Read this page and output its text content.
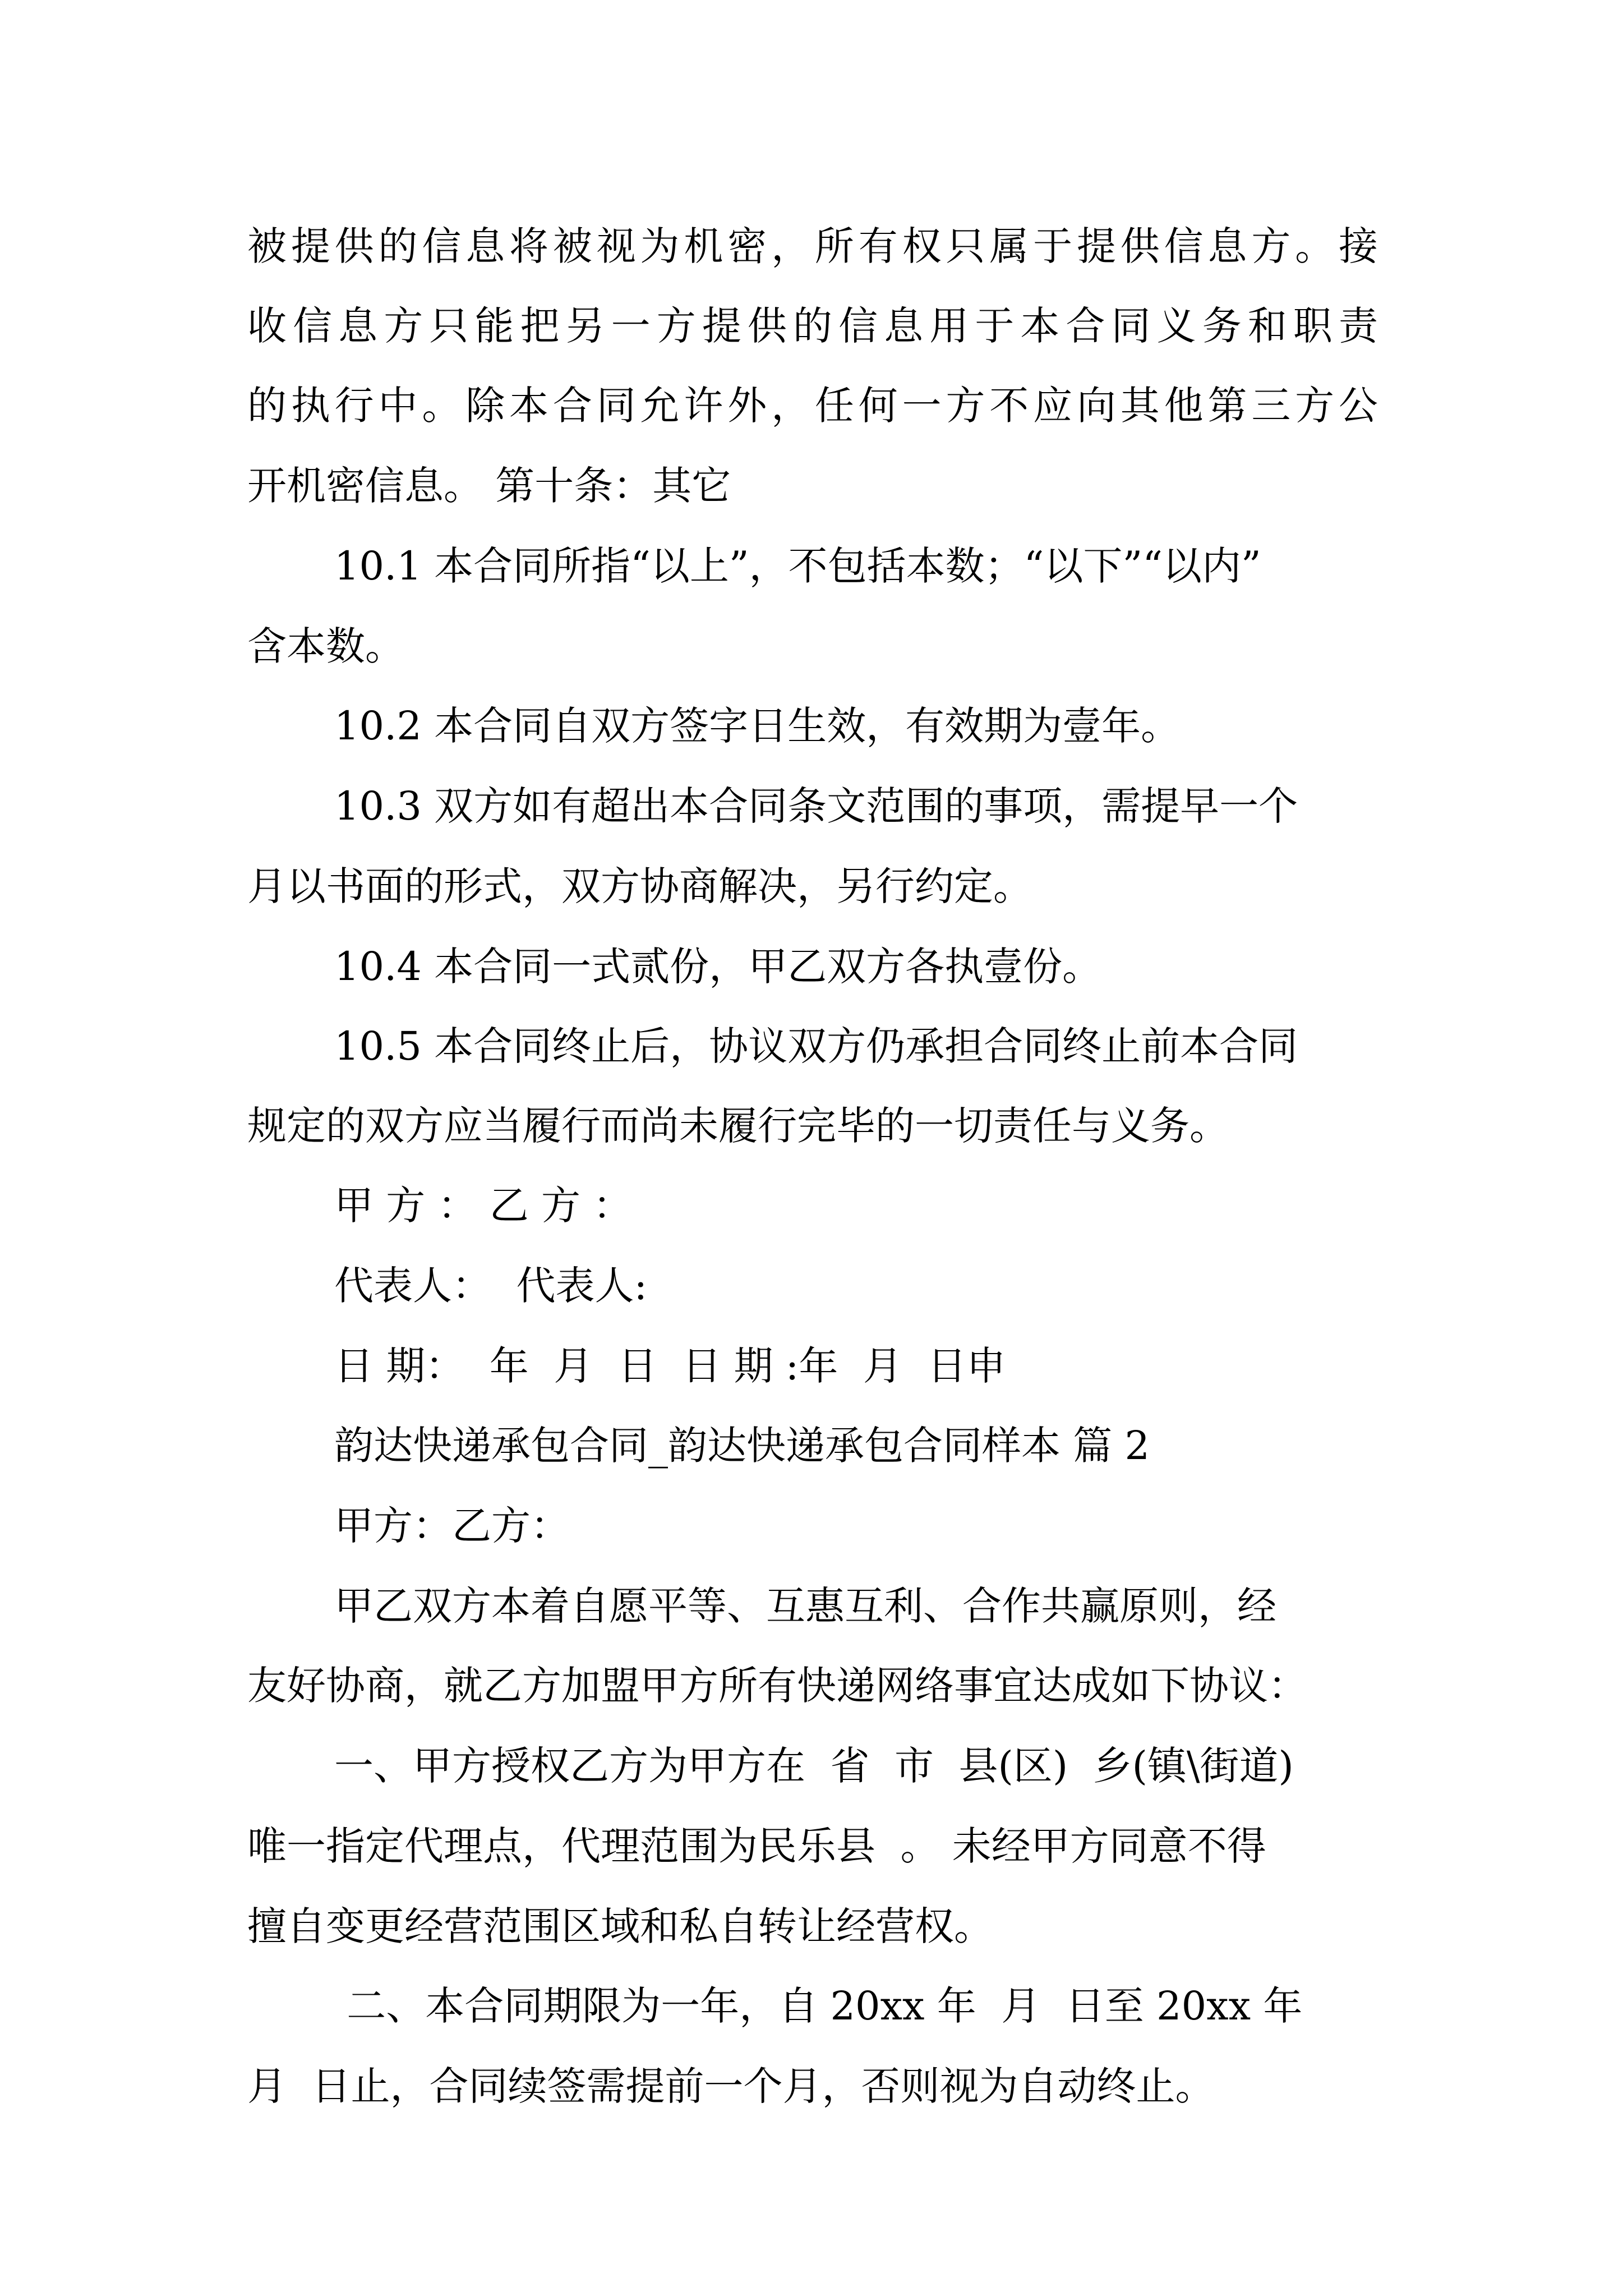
被提供的信息将被视为机密，所有权只属于提供信息方。接
收信息方只能把另一方提供的信息用于本合同义务和职责
的执行中。除本合同允许外，任何一方不应向其他第三方公
开机密信息。 第十条：其它
10.1 本合同所指“以上”，不包括本数；“以下”“以内”
含本数。
10.2 本合同自双方签字日生效，有效期为壹年。
10.3 双方如有超出本合同条文范围的事项，需提早一个
月以书面的形式，双方协商解决，另行约定。
10.4 本合同一式贰份，甲乙双方各执壹份。
10.5 本合同终止后，协议双方仍承担合同终止前本合同
规定的双方应当履行而尚未履行完毕的一切责任与义务。
甲 方 ： 乙 方 ：
代表人：  代表人:
日 期：  年  月  日  日 期 :年  月  日申
韵达快递承包合同_韵达快递承包合同样本 篇 2
甲方：乙方：
甲乙双方本着自愿平等、互惠互利、合作共赢原则，经
友好协商，就乙方加盟甲方所有快递网络事宜达成如下协议：
一、甲方授权乙方为甲方在  省  市  县(区)  乡(镇\街道)
唯一指定代理点，代理范围为民乐县  。 未经甲方同意不得
擅自变更经营范围区域和私自转让经营权。
二、本合同期限为一年，自 20xx 年  月  日至 20xx 年
月  日止，合同续签需提前一个月，否则视为自动终止。
